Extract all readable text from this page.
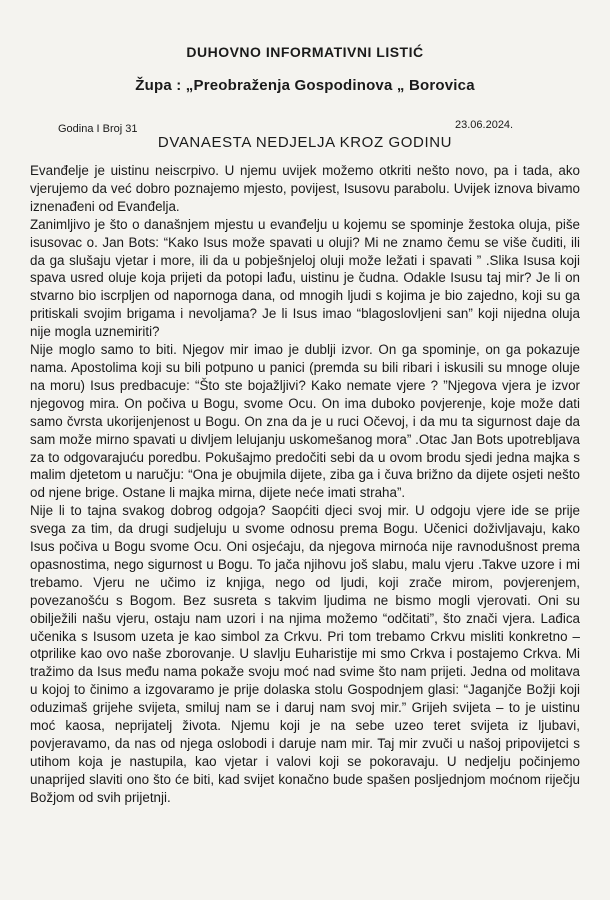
DUHOVNO INFORMATIVNI LISTIĆ
Župa : „Preobraženja Gospodinova „ Borovica
Godina I Broj 31	23.06.2024.
DVANAESTA NEDJELJA KROZ GODINU

Evanđelje je uistinu neiscrpivo. U njemu uvijek možemo otkriti nešto novo, pa i tada, ako vjerujemo da već dobro poznajemo mjesto, povijest, Isusovu parabolu. Uvijek iznova bivamo iznenađeni od Evanđelja.

Zanimljivo je što o današnjem mjestu u evanđelju u kojemu se spominje žestoka oluja, piše isusovac o. Jan Bots: “Kako Isus može spavati u oluji? Mi ne znamo čemu se više čuditi, ili da ga slušaju vjetar i more, ili da u pobješnjeloj oluji može ležati i spavati ” .Slika Isusa koji spava usred oluje koja prijeti da potopi lađu, uistinu je čudna. Odakle Isusu taj mir? Je li on stvarno bio iscrpljen od napornoga dana, od mnogih ljudi s kojima je bio zajedno, koji su ga pritiskali svojim brigama i nevoljama? Je li Isus imao “blagoslovljeni san” koji nijedna oluja nije mogla uznemiriti?

Nije moglo samo to biti. Njegov mir imao je dublji izvor. On ga spominje, on ga pokazuje nama. Apostolima koji su bili potpuno u panici (premda su bili ribari i iskusili su mnoge oluje na moru) Isus predbacuje: “Što ste bojažljivi? Kako nemate vjere ? ”Njegova vjera je izvor njegovog mira. On počiva u Bogu, svome Ocu. On ima duboko povjerenje, koje može dati samo čvrsta ukorijenjenost u Bogu. On zna da je u ruci Očevoj, i da mu ta sigurnost daje da sam može mirno spavati u divljem lelujanju uskomešanog mora” .Otac Jan Bots upotrebljava za to odgovarajuću poredbu. Pokušajmo predočiti sebi da u ovom brodu sjedi jedna majka s malim djetetom u naručju: “Ona je obujmila dijete, ziba ga i čuva brižno da dijete osjeti nešto od njene brige. Ostane li majka mirna, dijete neće imati straha”.

Nije li to tajna svakog dobrog odgoja? Saopćiti djeci svoj mir. U odgoju vjere ide se prije svega za tim, da drugi sudjeluju u svome odnosu prema Bogu. Učenici doživljavaju, kako Isus počiva u Bogu svome Ocu. Oni osjećaju, da njegova mirnoća nije ravnodušnost prema opasnostima, nego sigurnost u Bogu. To jača njihovu još slabu, malu vjeru .Takve uzore i mi trebamo. Vjeru ne učimo iz knjiga, nego od ljudi, koji zrače mirom, povjerenjem, povezanošću s Bogom. Bez susreta s takvim ljudima ne bismo mogli vjerovati. Oni su obilježili našu vjeru, ostaju nam uzori i na njima možemo “odčitati”, što znači vjera. Lađica učenika s Isusom uzeta je kao simbol za Crkvu. Pri tom trebamo Crkvu misliti konkretno – otprilike kao ovo naše zborovanje. U slavlju Euharistije mi smo Crkva i postajemo Crkva. Mi tražimo da Isus među nama pokaže svoju moć nad svime što nam prijeti. Jedna od molitava u kojoj to činimo a izgovaramo je prije dolaska stolu Gospodnjem glasi: “Jaganjče Božji koji oduzimaš grijehe svijeta, smiluj nam se i daruj nam svoj mir.” Grijeh svijeta – to je uistinu moć kaosa, neprijatelj života. Njemu koji je na sebe uzeo teret svijeta iz ljubavi, povjeravamo, da nas od njega oslobodi i daruje nam mir. Taj mir zvuči u našoj pripovijetci s utihom koja je nastupila, kao vjetar i valovi koji se pokoravaju. U nedjelju počinjemo unaprijed slaviti ono što će biti, kad svijet konačno bude spašen posljednjom moćnom riječju Božjom od svih prijetnji.
